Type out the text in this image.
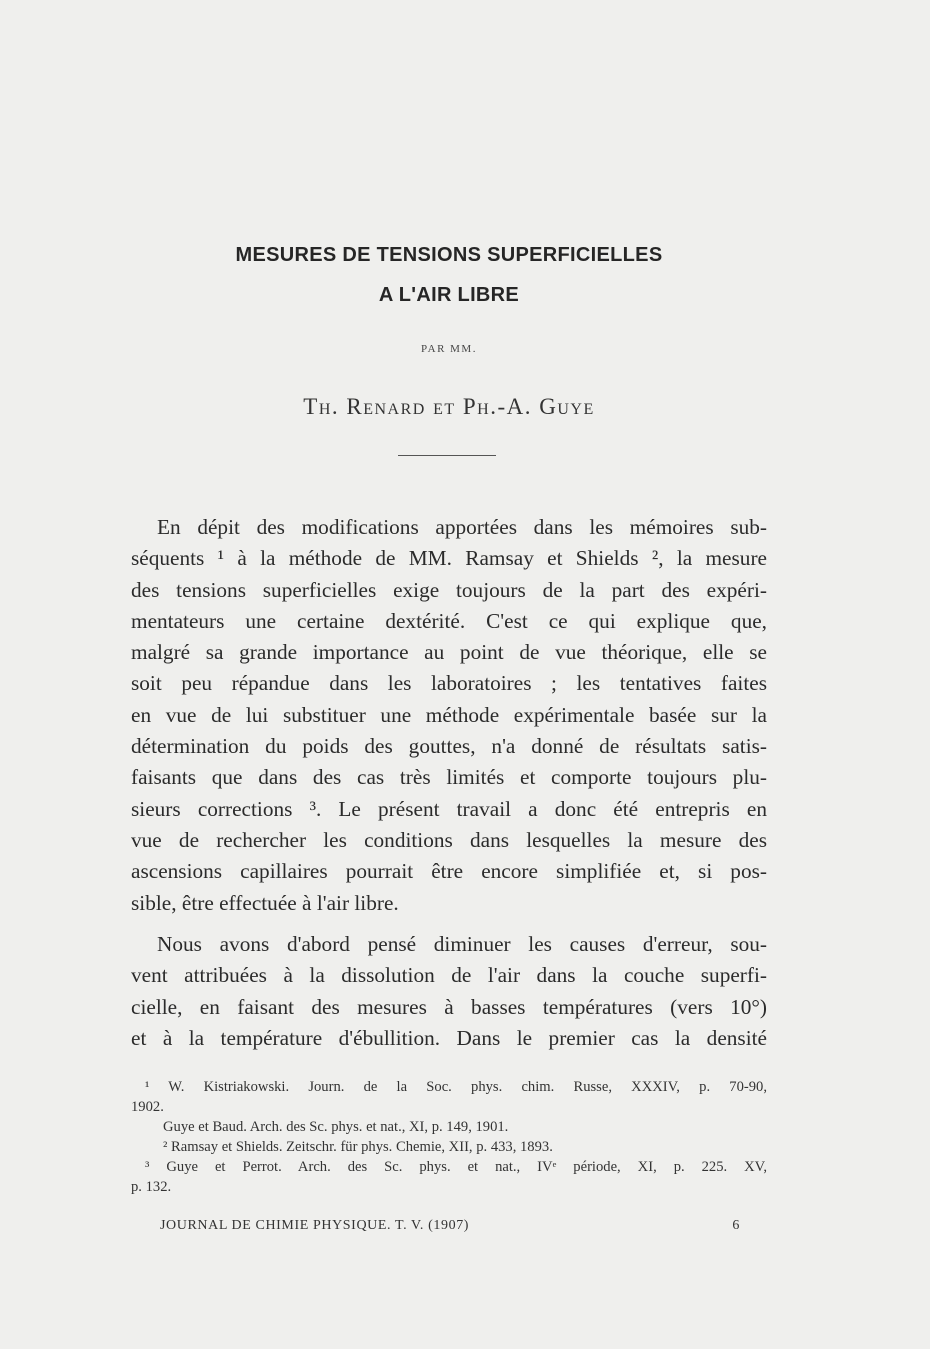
MESURES DE TENSIONS SUPERFICIELLES
A L'AIR LIBRE
PAR MM.
Th. Renard et Ph.-A. Guye
En dépit des modifications apportées dans les mémoires sub-
séquents ¹ à la méthode de MM. Ramsay et Shields ², la mesure
des tensions superficielles exige toujours de la part des expéri-
mentateurs une certaine dextérité. C'est ce qui explique que,
malgré sa grande importance au point de vue théorique, elle se
soit peu répandue dans les laboratoires ; les tentatives faites
en vue de lui substituer une méthode expérimentale basée sur la
détermination du poids des gouttes, n'a donné de résultats satis-
faisants que dans des cas très limités et comporte toujours plu-
sieurs corrections ³. Le présent travail a donc été entrepris en
vue de rechercher les conditions dans lesquelles la mesure des
ascensions capillaires pourrait être encore simplifiée et, si pos-
sible, être effectuée à l'air libre.
Nous avons d'abord pensé diminuer les causes d'erreur, sou-
vent attribuées à la dissolution de l'air dans la couche superfi-
cielle, en faisant des mesures à basses températures (vers 10°)
et à la température d'ébullition. Dans le premier cas la densité
¹ W. Kistriakowski. Journ. de la Soc. phys. chim. Russe, XXXIV, p. 70-90,
1902.
Guye et Baud. Arch. des Sc. phys. et nat., XI, p. 149, 1901.
² Ramsay et Shields. Zeitschr. für phys. Chemie, XII, p. 433, 1893.
³ Guye et Perrot. Arch. des Sc. phys. et nat., IVᵉ période, XI, p. 225. XV,
p. 132.
JOURNAL DE CHIMIE PHYSIQUE. T. V. (1907)	6
